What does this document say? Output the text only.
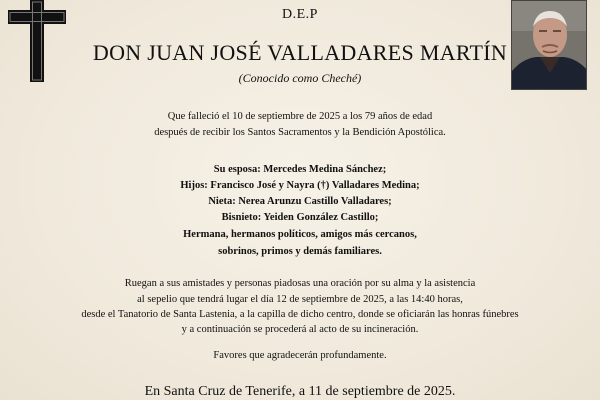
D.E.P
DON JUAN JOSÉ VALLADARES MARTÍN
(Conocido como Cheché)
Que falleció el 10 de septiembre de 2025 a los 79 años de edad
después de recibir los Santos Sacramentos y la Bendición Apostólica.
Su esposa: Mercedes Medina Sánchez;
Hijos: Francisco José y Nayra (†) Valladares Medina;
Nieta: Nerea Arunzu Castillo Valladares;
Bisnieto: Yeiden González Castillo;
Hermana, hermanos políticos, amigos más cercanos,
sobrinos, primos y demás familiares.
Ruegan a sus amistades y personas piadosas una oración por su alma y la asistencia
al sepelio que tendrá lugar el día 12 de septiembre de 2025, a las 14:40 horas,
desde el Tanatorio de Santa Lastenia, a la capilla de dicho centro, donde se oficiarán las honras fúnebres
y a continuación se procederá al acto de su incineración.
Favores que agradecerán profundamente.
En Santa Cruz de Tenerife, a 11 de septiembre de 2025.
